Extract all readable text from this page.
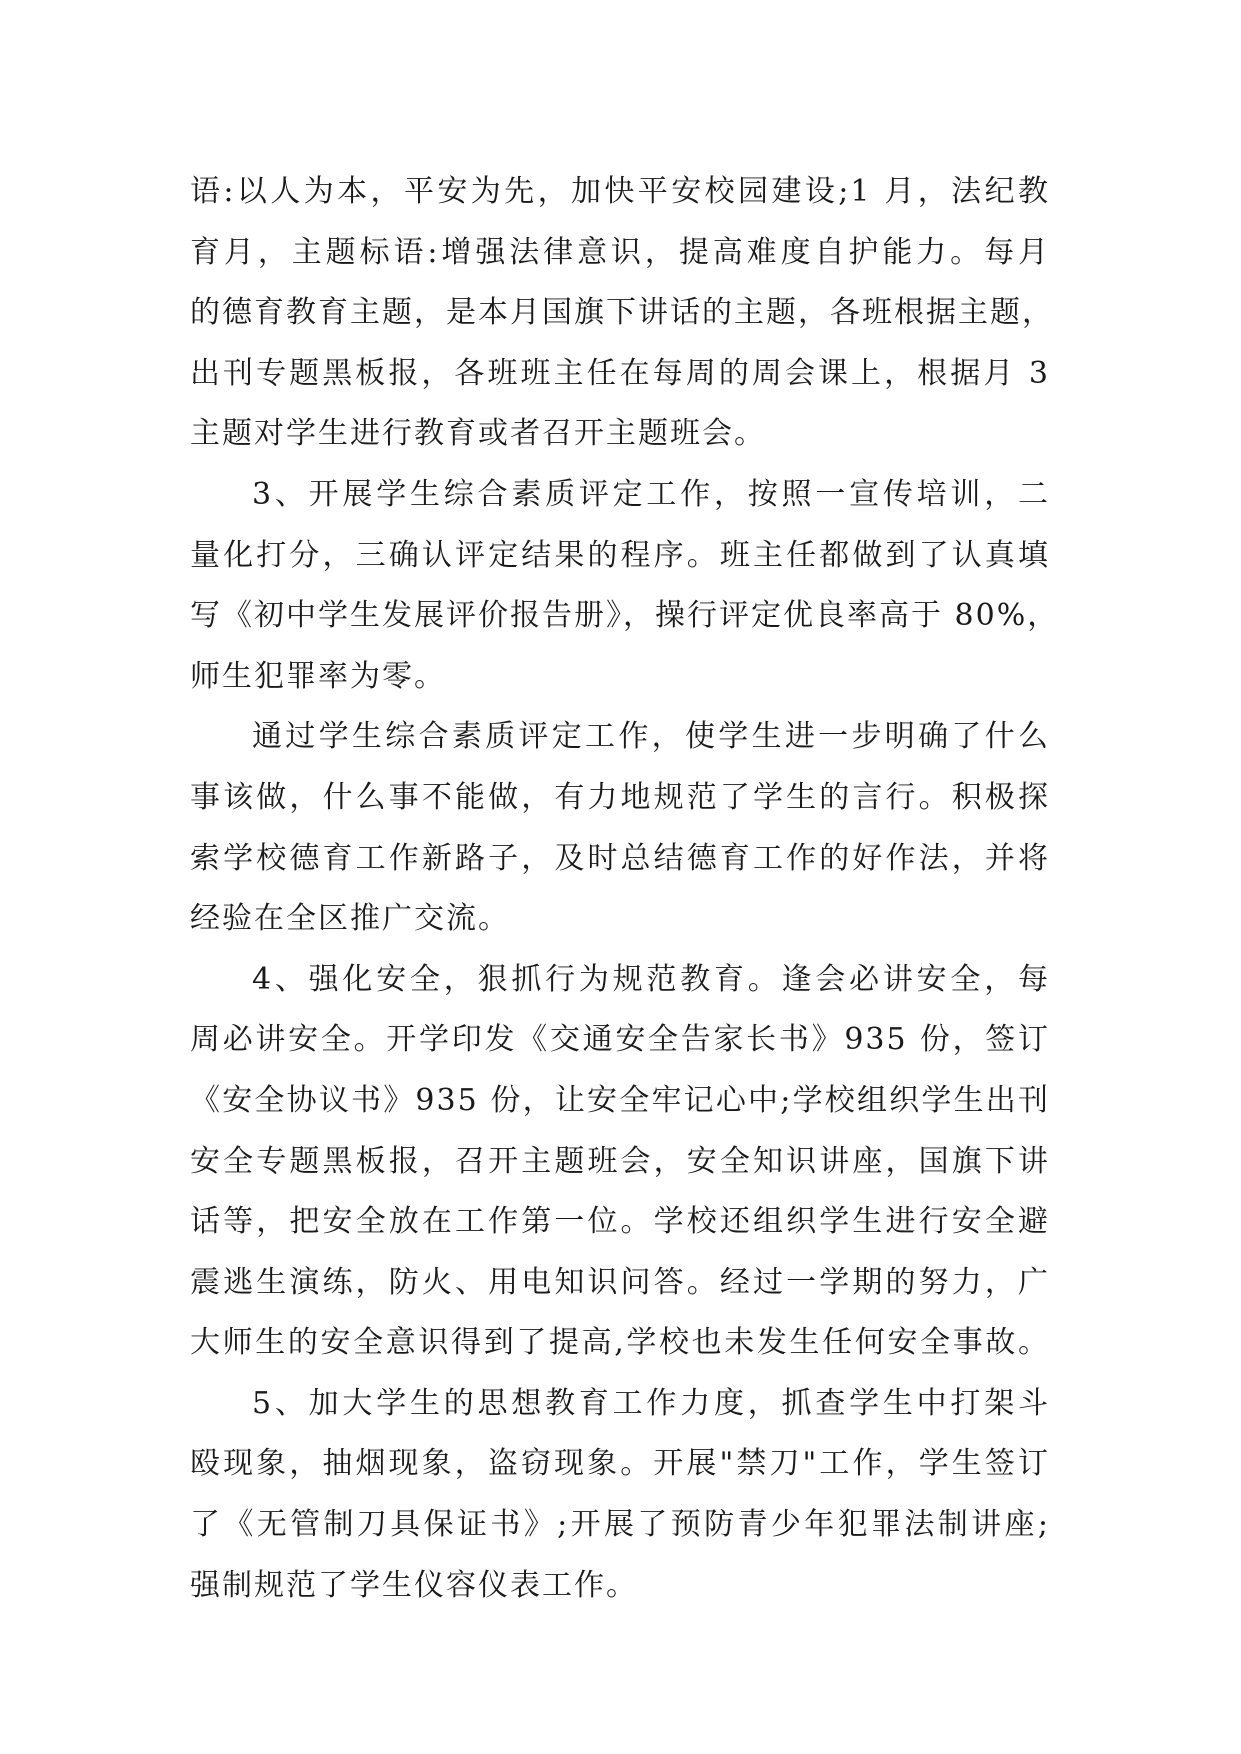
语:以人为本，平安为先，加快平安校园建设;1 月，法纪教
育月，主题标语:增强法律意识，提高难度自护能力。每月
的德育教育主题，是本月国旗下讲话的主题，各班根据主题，
出刊专题黑板报，各班班主任在每周的周会课上，根据月 3
主题对学生进行教育或者召开主题班会。
3、开展学生综合素质评定工作，按照一宣传培训，二
量化打分，三确认评定结果的程序。班主任都做到了认真填
写《初中学生发展评价报告册》，操行评定优良率高于 80%，
师生犯罪率为零。
通过学生综合素质评定工作，使学生进一步明确了什么
事该做，什么事不能做，有力地规范了学生的言行。积极探
索学校德育工作新路子，及时总结德育工作的好作法，并将
经验在全区推广交流。
4、强化安全，狠抓行为规范教育。逢会必讲安全，每
周必讲安全。开学印发《交通安全告家长书》935 份，签订
《安全协议书》935 份，让安全牢记心中;学校组织学生出刊
安全专题黑板报，召开主题班会，安全知识讲座，国旗下讲
话等，把安全放在工作第一位。学校还组织学生进行安全避
震逃生演练，防火、用电知识问答。经过一学期的努力，广
大师生的安全意识得到了提高,学校也未发生任何安全事故。
5、加大学生的思想教育工作力度，抓查学生中打架斗
殴现象，抽烟现象，盗窃现象。开展"禁刀"工作，学生签订
了《无管制刀具保证书》;开展了预防青少年犯罪法制讲座;
强制规范了学生仪容仪表工作。
